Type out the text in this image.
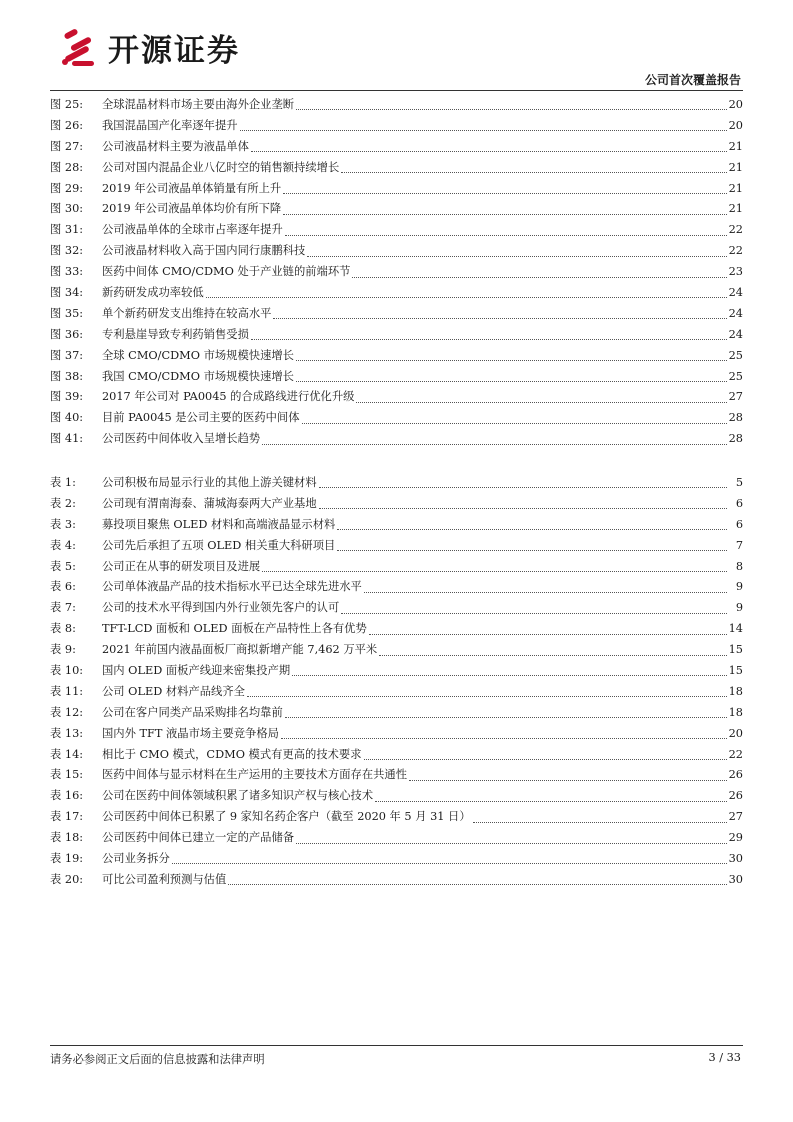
开源证券
公司首次覆盖报告
图 25:	全球混晶材料市场主要由海外企业垄断	20
图 26:	我国混晶国产化率逐年提升	20
图 27:	公司液晶材料主要为液晶单体	21
图 28:	公司对国内混晶企业八亿时空的销售额持续增长	21
图 29:	2019 年公司液晶单体销量有所上升	21
图 30:	2019 年公司液晶单体均价有所下降	21
图 31:	公司液晶单体的全球市占率逐年提升	22
图 32:	公司液晶材料收入高于国内同行康鹏科技	22
图 33:	医药中间体 CMO/CDMO 处于产业链的前端环节	23
图 34:	新药研发成功率较低	24
图 35:	单个新药研发支出维持在较高水平	24
图 36:	专利悬崖导致专利药销售受损	24
图 37:	全球 CMO/CDMO 市场规模快速增长	25
图 38:	我国 CMO/CDMO 市场规模快速增长	25
图 39:	2017 年公司对 PA0045 的合成路线进行优化升级	27
图 40:	目前 PA0045 是公司主要的医药中间体	28
图 41:	公司医药中间体收入呈增长趋势	28
表 1:	公司积极布局显示行业的其他上游关键材料	5
表 2:	公司现有渭南海泰、蒲城海泰两大产业基地	6
表 3:	募投项目聚焦 OLED 材料和高端液晶显示材料	6
表 4:	公司先后承担了五项 OLED 相关重大科研项目	7
表 5:	公司正在从事的研发项目及进展	8
表 6:	公司单体液晶产品的技术指标水平已达全球先进水平	9
表 7:	公司的技术水平得到国内外行业领先客户的认可	9
表 8:	TFT-LCD 面板和 OLED 面板在产品特性上各有优势	14
表 9:	2021 年前国内液晶面板厂商拟新增产能 7,462 万平米	15
表 10:	国内 OLED 面板产线迎来密集投产期	15
表 11:	公司 OLED 材料产品线齐全	18
表 12:	公司在客户同类产品采购排名均靠前	18
表 13:	国内外 TFT 液晶市场主要竞争格局	20
表 14:	相比于 CMO 模式，CDMO 模式有更高的技术要求	22
表 15:	医药中间体与显示材料在生产运用的主要技术方面存在共通性	26
表 16:	公司在医药中间体领域积累了诸多知识产权与核心技术	26
表 17:	公司医药中间体已积累了 9 家知名药企客户（截至 2020 年 5 月 31 日）	27
表 18:	公司医药中间体已建立一定的产品储备	29
表 19:	公司业务拆分	30
表 20:	可比公司盈利预测与估值	30
请务必参阅正文后面的信息披露和法律声明	3 / 33
